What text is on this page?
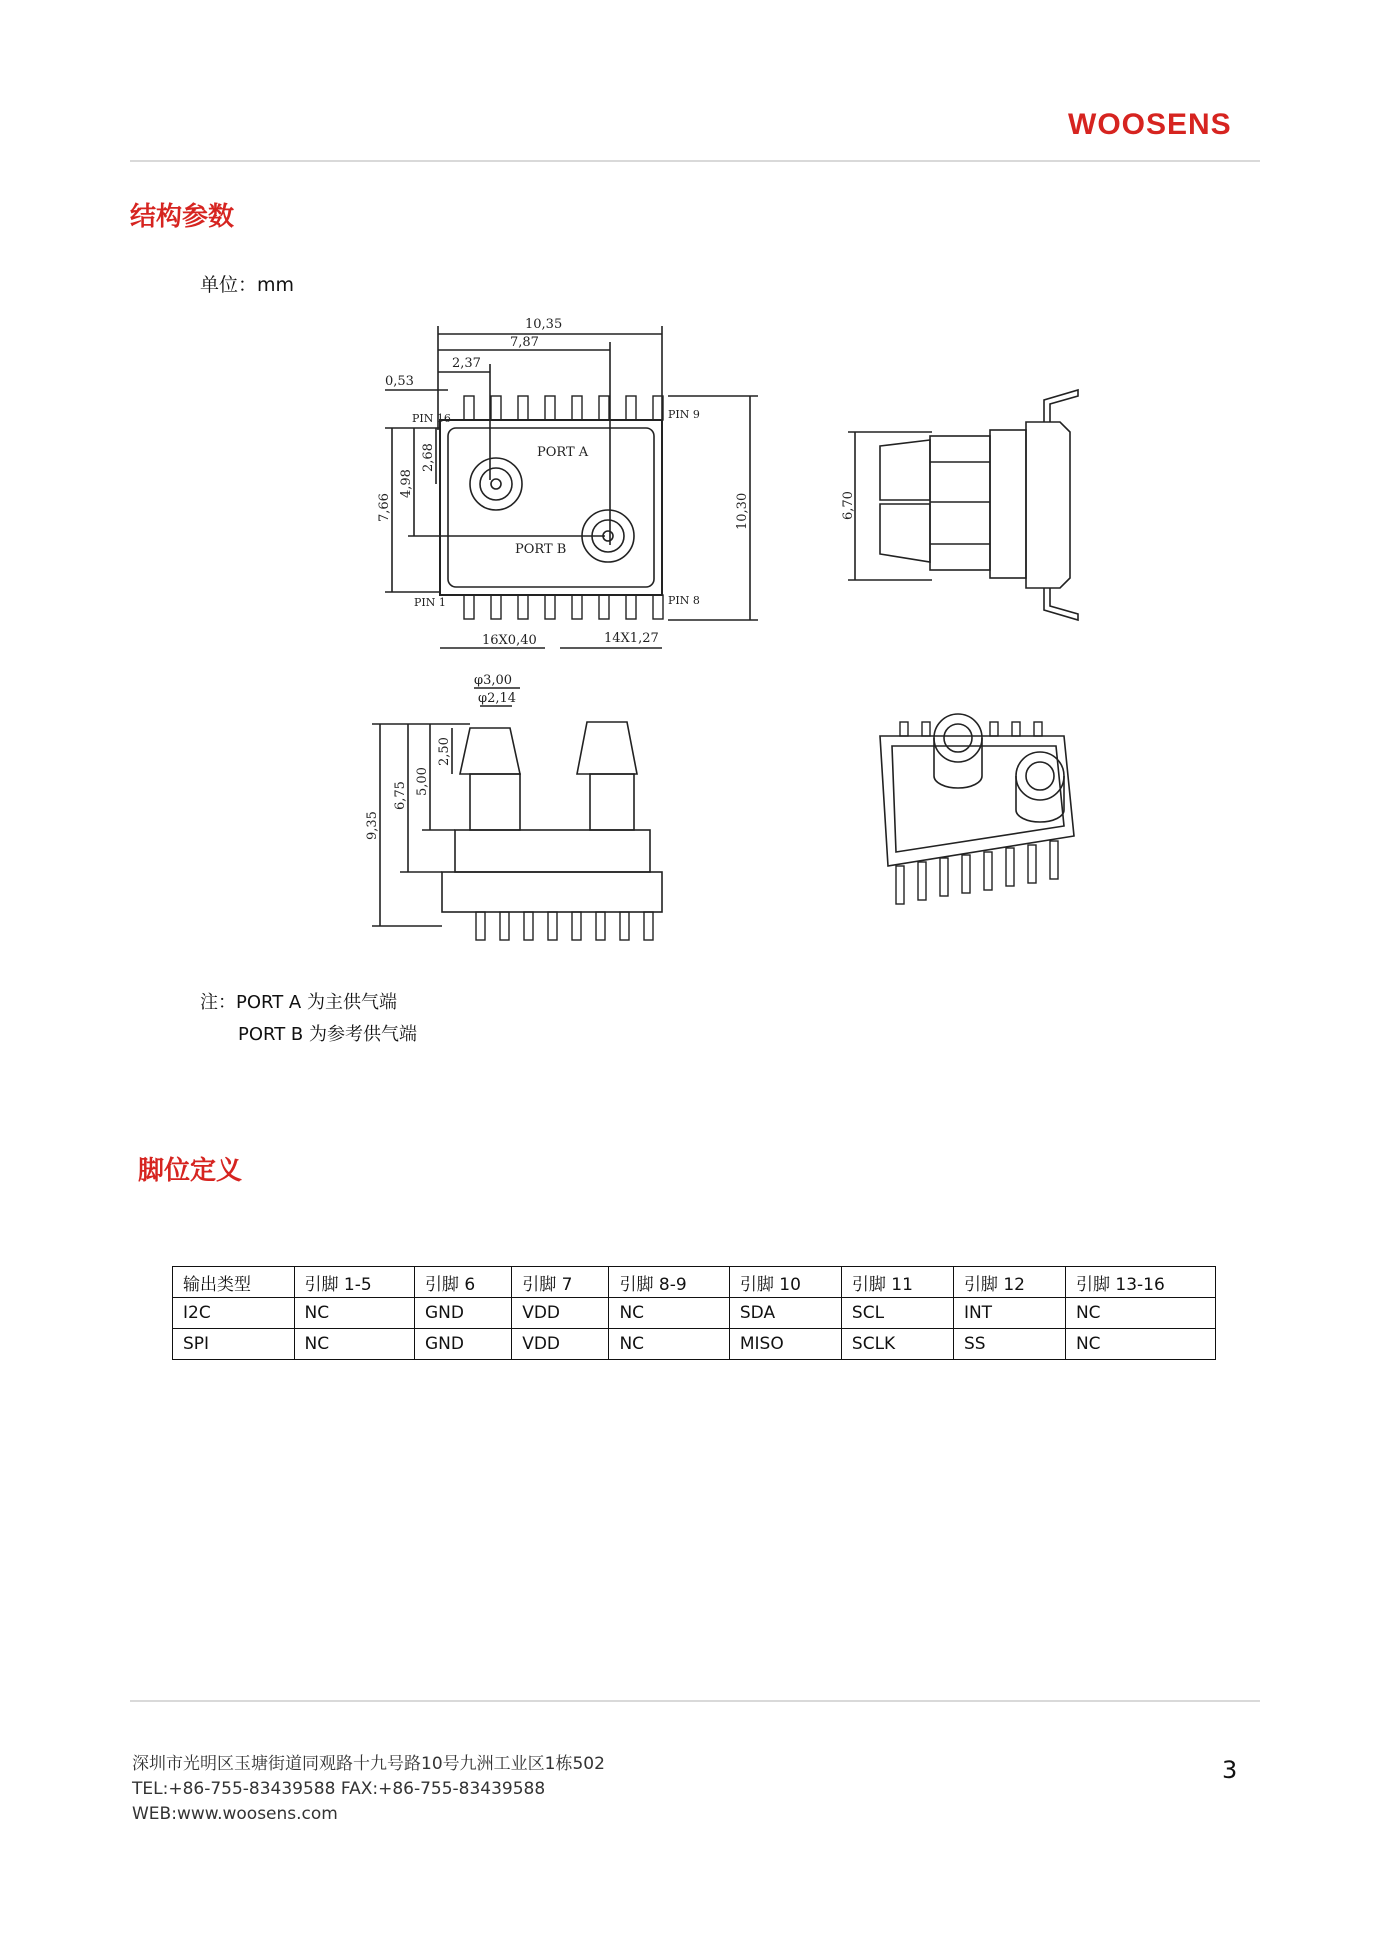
WOOSENS
结构参数
单位：mm
10,35
7,87
2,37
0,53
PORT A
PORT B
PIN 16	PIN 9
PIN 1	PIN 8
7,66
4,98
2,68
10,30
16X0,40	14X1,27
6,70
φ3,00
φ2,14
9,35
6,75 5,00
2,50
注：PORT A 为主供气端
PORT B 为参考供气端
脚位定义
输出类型	引脚 1-5	引脚 6	引脚 7	引脚 8-9	引脚 10	引脚 11	引脚 12	引脚 13-16
I2C	NC	GND	VDD	NC	SDA	SCL	INT	NC
SPI	NC	GND	VDD	NC	MISO	SCLK	SS	NC
深圳市光明区玉塘街道同观路十九号路10号九洲工业区1栋502
TEL:+86-755-83439588 FAX:+86-755-83439588
WEB:www.woosens.com
3
